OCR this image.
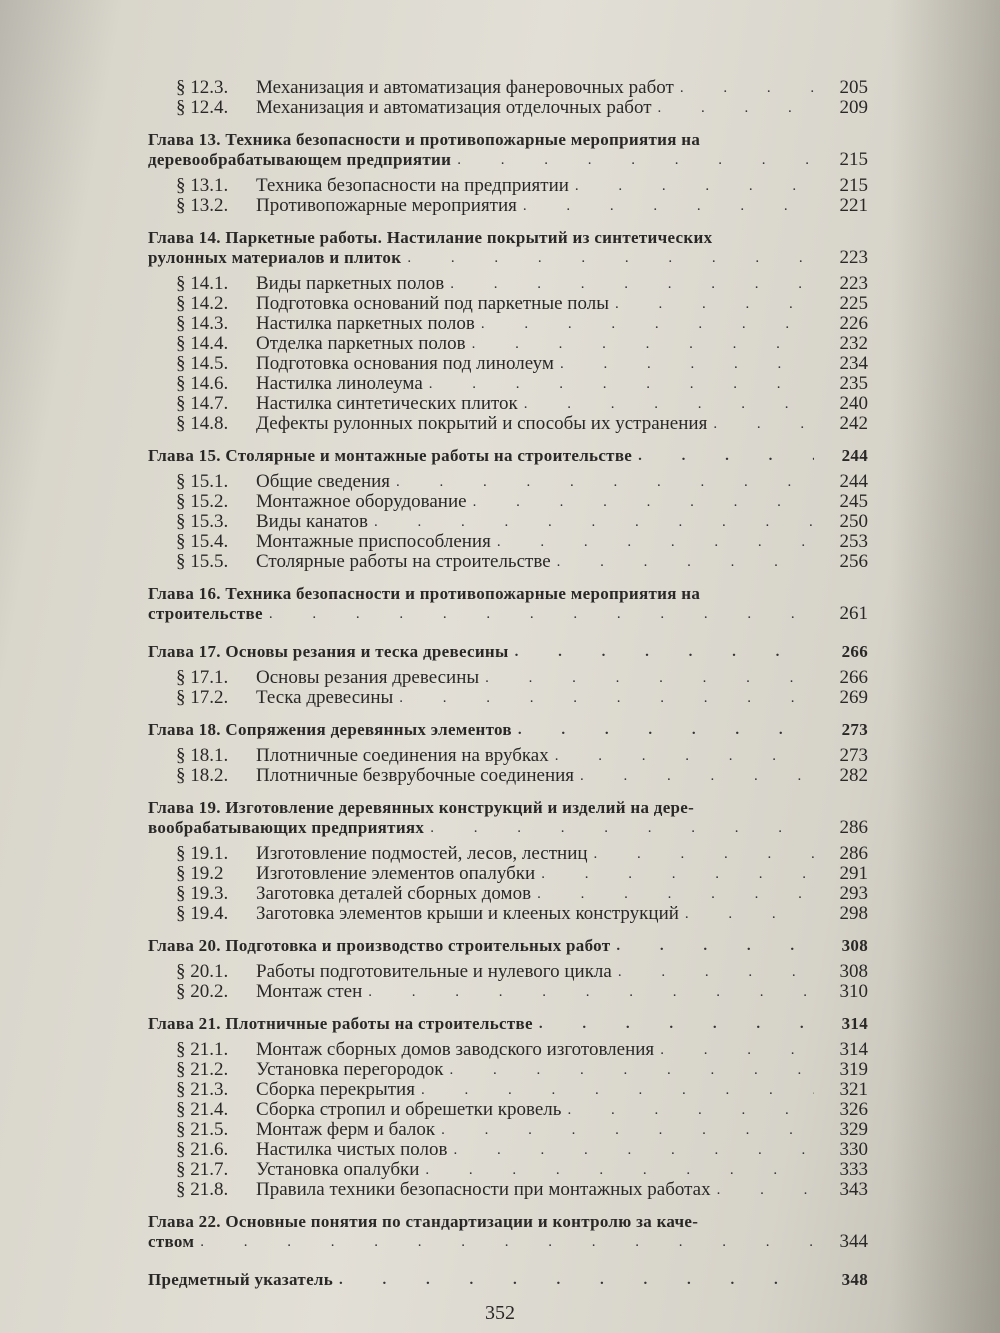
§ 12.3. Механизация и автоматизация фанеровочных работ . . .	205
§ 12.4. Механизация и автоматизация отделочных работ . . .	209
Глава 13. Техника безопасности и противопожарные мероприятия на
деревообрабатывающем предприятии . . .	215
§ 13.1. Техника безопасности на предприятии . . .	215
§ 13.2. Противопожарные мероприятия . . .	221
Глава 14. Паркетные работы. Настилание покрытий из синтетических
рулонных материалов и плиток . . .	223
§ 14.1. Виды паркетных полов . . .	223
§ 14.2. Подготовка оснований под паркетные полы . . .	225
§ 14.3. Настилка паркетных полов . . .	226
§ 14.4. Отделка паркетных полов . . .	232
§ 14.5. Подготовка основания под линолеум . . .	234
§ 14.6. Настилка линолеума . . .	235
§ 14.7. Настилка синтетических плиток . . .	240
§ 14.8. Дефекты рулонных покрытий и способы их устранения . . .	242
Глава 15. Столярные и монтажные работы на строительстве . . .	244
§ 15.1. Общие сведения . . .	244
§ 15.2. Монтажное оборудование . . .	245
§ 15.3. Виды канатов . . .	250
§ 15.4. Монтажные приспособления . . .	253
§ 15.5. Столярные работы на строительстве . . .	256
Глава 16. Техника безопасности и противопожарные мероприятия на
строительстве . . .	261
Глава 17. Основы резания и теска древесины . . .	266
§ 17.1. Основы резания древесины . . .	266
§ 17.2. Теска древесины . . .	269
Глава 18. Сопряжения деревянных элементов . . .	273
§ 18.1. Плотничные соединения на врубках . . .	273
§ 18.2. Плотничные безврубочные соединения . . .	282
Глава 19. Изготовление деревянных конструкций и изделий на дере-
вообрабатывающих предприятиях . . .	286
§ 19.1. Изготовление подмостей, лесов, лестниц . . .	286
§ 19.2 Изготовление элементов опалубки . . .	291
§ 19.3. Заготовка деталей сборных домов . . .	293
§ 19.4. Заготовка элементов крыши и клееных конструкций . . .	298
Глава 20. Подготовка и производство строительных работ . . .	308
§ 20.1. Работы подготовительные и нулевого цикла . . .	308
§ 20.2. Монтаж стен . . .	310
Глава 21. Плотничные работы на строительстве . . .	314
§ 21.1. Монтаж сборных домов заводского изготовления . . .	314
§ 21.2. Установка перегородок . . .	319
§ 21.3. Сборка перекрытия . . .	321
§ 21.4. Сборка стропил и обрешетки кровель . . .	326
§ 21.5. Монтаж ферм и балок . . .	329
§ 21.6. Настилка чистых полов . . .	330
§ 21.7. Установка опалубки . . .	333
§ 21.8. Правила техники безопасности при монтажных работах . . .	343
Глава 22. Основные понятия по стандартизации и контролю за каче-
ством . . .	344
Предметный указатель . . .	348
352
